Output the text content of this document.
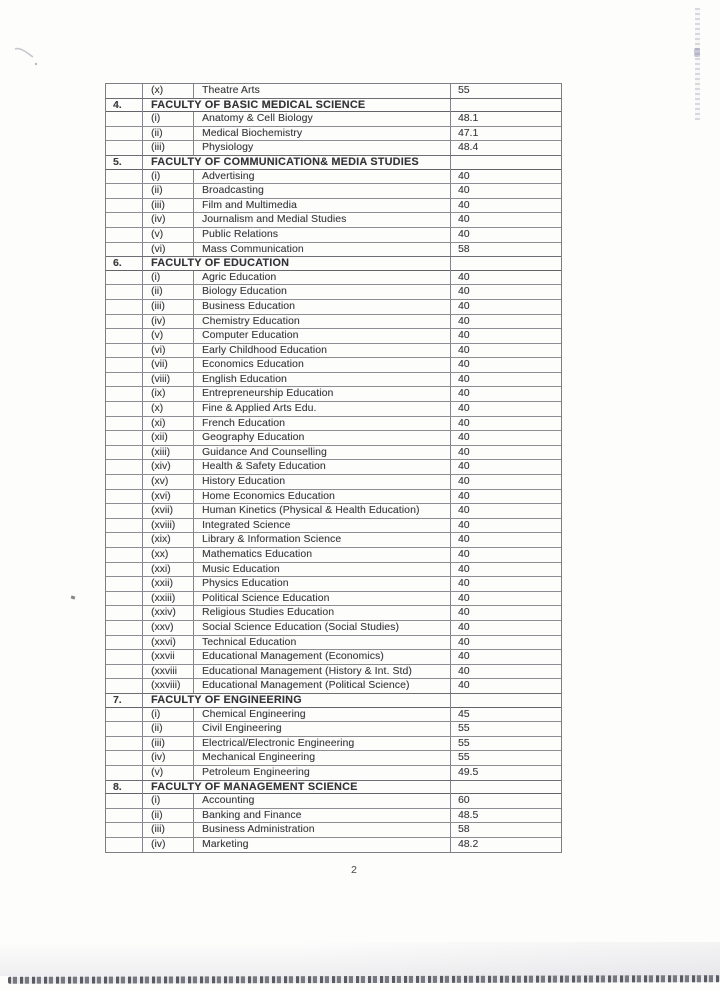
(x)	Theatre Arts	55
4.	FACULTY OF BASIC MEDICAL SCIENCE
(i)	Anatomy & Cell Biology	48.1
(ii)	Medical Biochemistry	47.1
(iii)	Physiology	48.4
5.	FACULTY OF COMMUNICATION& MEDIA STUDIES
(i)	Advertising	40
(ii)	Broadcasting	40
(iii)	Film and Multimedia	40
(iv)	Journalism and Medial Studies	40
(v)	Public Relations	40
(vi)	Mass Communication	58
6.	FACULTY OF EDUCATION
(i)	Agric Education	40
(ii)	Biology Education	40
(iii)	Business Education	40
(iv)	Chemistry Education	40
(v)	Computer Education	40
(vi)	Early Childhood Education	40
(vii)	Economics Education	40
(viii)	English Education	40
(ix)	Entrepreneurship Education	40
(x)	Fine & Applied Arts Edu.	40
(xi)	French Education	40
(xii)	Geography Education	40
(xiii)	Guidance And Counselling	40
(xiv)	Health & Safety Education	40
(xv)	History Education	40
(xvi)	Home Economics Education	40
(xvii)	Human Kinetics (Physical & Health Education)	40
(xviii)	Integrated Science	40
(xix)	Library & Information Science	40
(xx)	Mathematics Education	40
(xxi)	Music Education	40
(xxii)	Physics Education	40
(xxiii)	Political Science Education	40
(xxiv)	Religious Studies Education	40
(xxv)	Social Science Education (Social Studies)	40
(xxvi)	Technical Education	40
(xxvii	Educational Management (Economics)	40
(xxviii	Educational Management (History & Int. Std)	40
(xxviii)	Educational Management (Political Science)	40
7.	FACULTY OF ENGINEERING
(i)	Chemical Engineering	45
(ii)	Civil Engineering	55
(iii)	Electrical/Electronic Engineering	55
(iv)	Mechanical Engineering	55
(v)	Petroleum Engineering	49.5
8.	FACULTY OF MANAGEMENT SCIENCE
(i)	Accounting	60
(ii)	Banking and Finance	48.5
(iii)	Business Administration	58
(iv)	Marketing	48.2
2
